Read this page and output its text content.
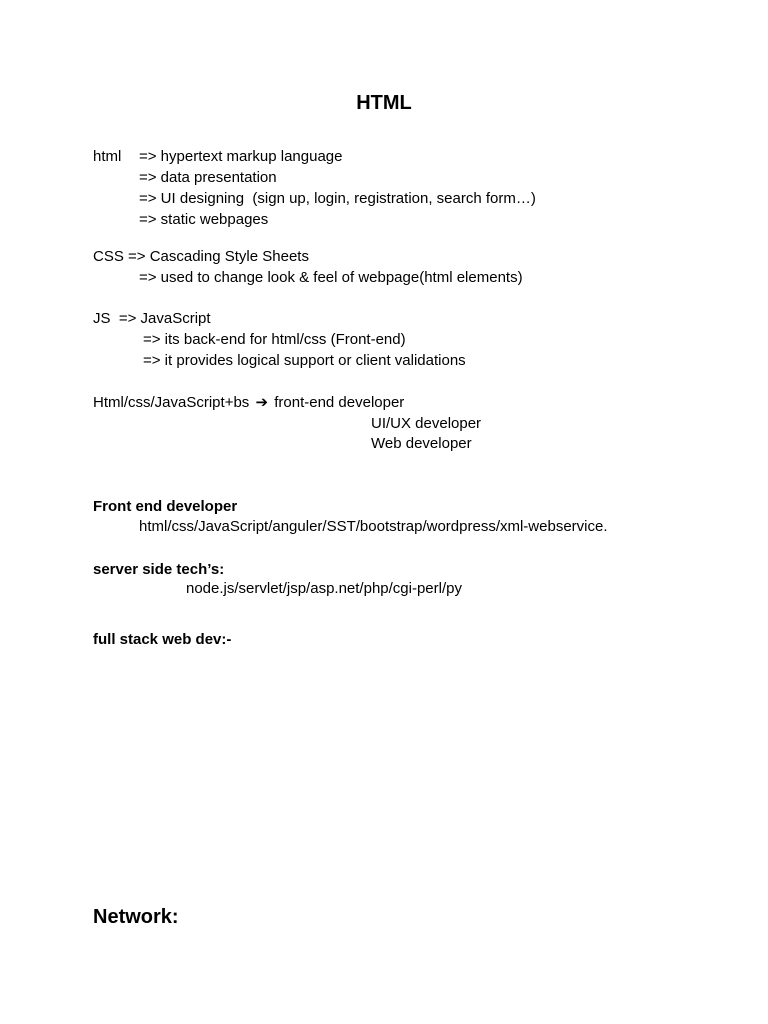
HTML
html => hypertext markup language
=> data presentation
=> UI designing  (sign up, login, registration, search form…)
=> static webpages
CSS => Cascading Style Sheets
=> used to change look & feel of webpage(html elements)
JS  => JavaScript
=> its back-end for html/css (Front-end)
=> it provides logical support or client validations
Html/css/JavaScript+bs ➔ front-end developer
UI/UX developer
Web developer
Front end developer
html/css/JavaScript/anguler/SST/bootstrap/wordpress/xml-webservice.
server side tech’s:
node.js/servlet/jsp/asp.net/php/cgi-perl/py
full stack web dev:-
Network:
